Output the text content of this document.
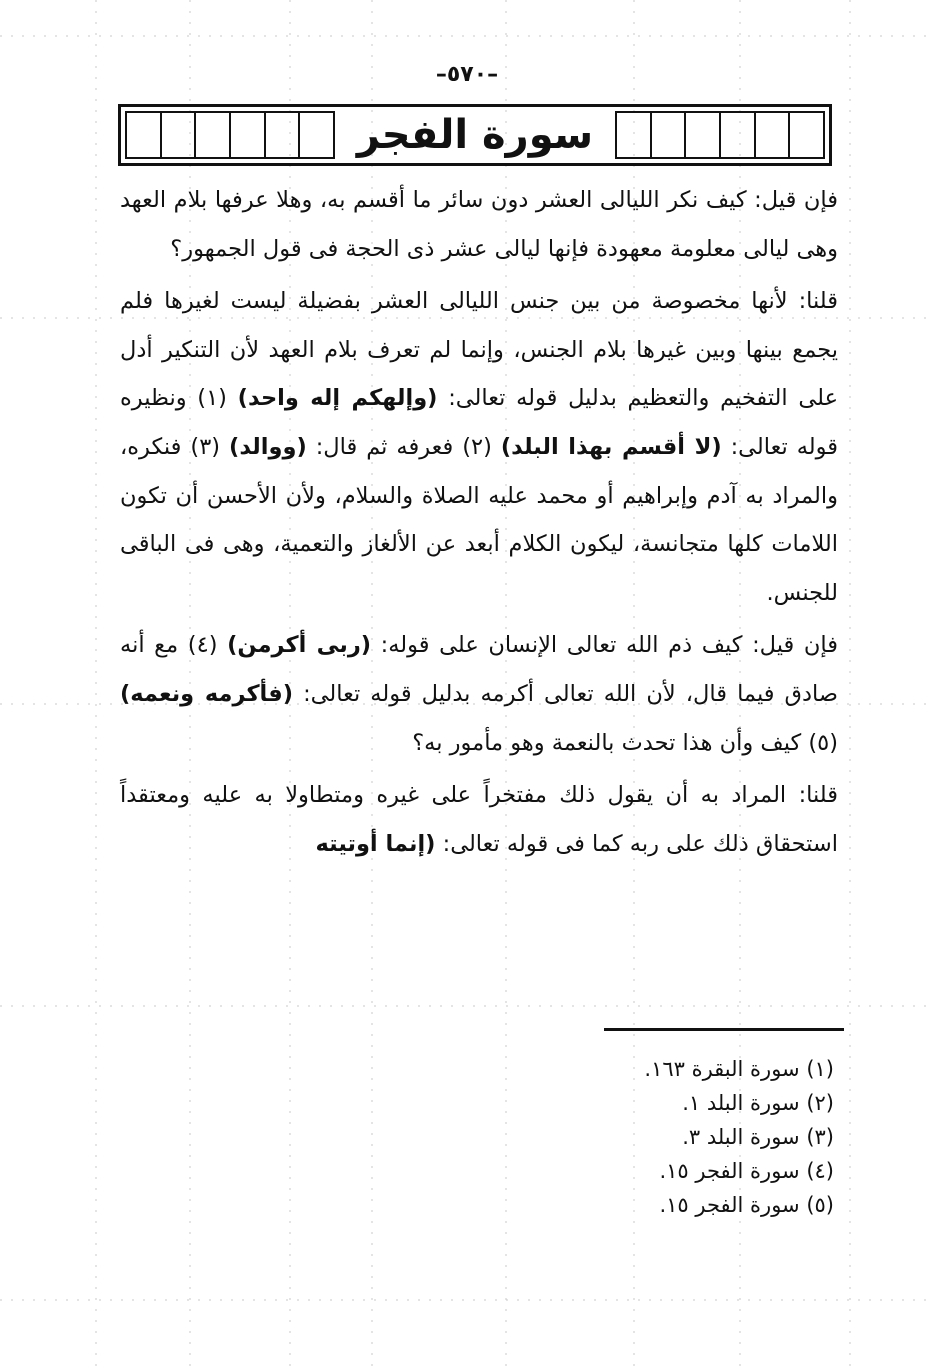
–٥٧٠–
سورة الفجر

فإن قيل: كيف نكر الليالى العشر دون سائر ما أقسم به، وهلا عرفها بلام العهد وهى ليالى معلومة معهودة فإنها ليالى عشر ذى الحجة فى قول الجمهور؟

قلنا: لأنها مخصوصة من بين جنس الليالى العشر بفضيلة ليست لغيرها فلم يجمع بينها وبين غيرها بلام الجنس، وإنما لم تعرف بلام العهد لأن التنكير أدل على التفخيم والتعظيم بدليل قوله تعالى: (وإلهكم إله واحد) (١) ونظيره قوله تعالى: (لا أقسم بهذا البلد) (٢) فعرفه ثم قال: (ووالد) (٣) فنكره، والمراد به آدم وإبراهيم أو محمد عليه الصلاة والسلام، ولأن الأحسن أن تكون اللامات كلها متجانسة، ليكون الكلام أبعد عن الألغاز والتعمية، وهى فى الباقى للجنس.

فإن قيل: كيف ذم الله تعالى الإنسان على قوله: (ربى أكرمن) (٤) مع أنه صادق فيما قال، لأن الله تعالى أكرمه بدليل قوله تعالى: (فأكرمه ونعمه) (٥) كيف وأن هذا تحدث بالنعمة وهو مأمور به؟

قلنا: المراد به أن يقول ذلك مفتخراً على غيره ومتطاولا به عليه ومعتقداً استحقاق ذلك على ربه كما فى قوله تعالى: (إنما أوتيته

(١) سورة البقرة ١٦٣.
(٢) سورة البلد ١.
(٣) سورة البلد ٣.
(٤) سورة الفجر ١٥.
(٥) سورة الفجر ١٥.
